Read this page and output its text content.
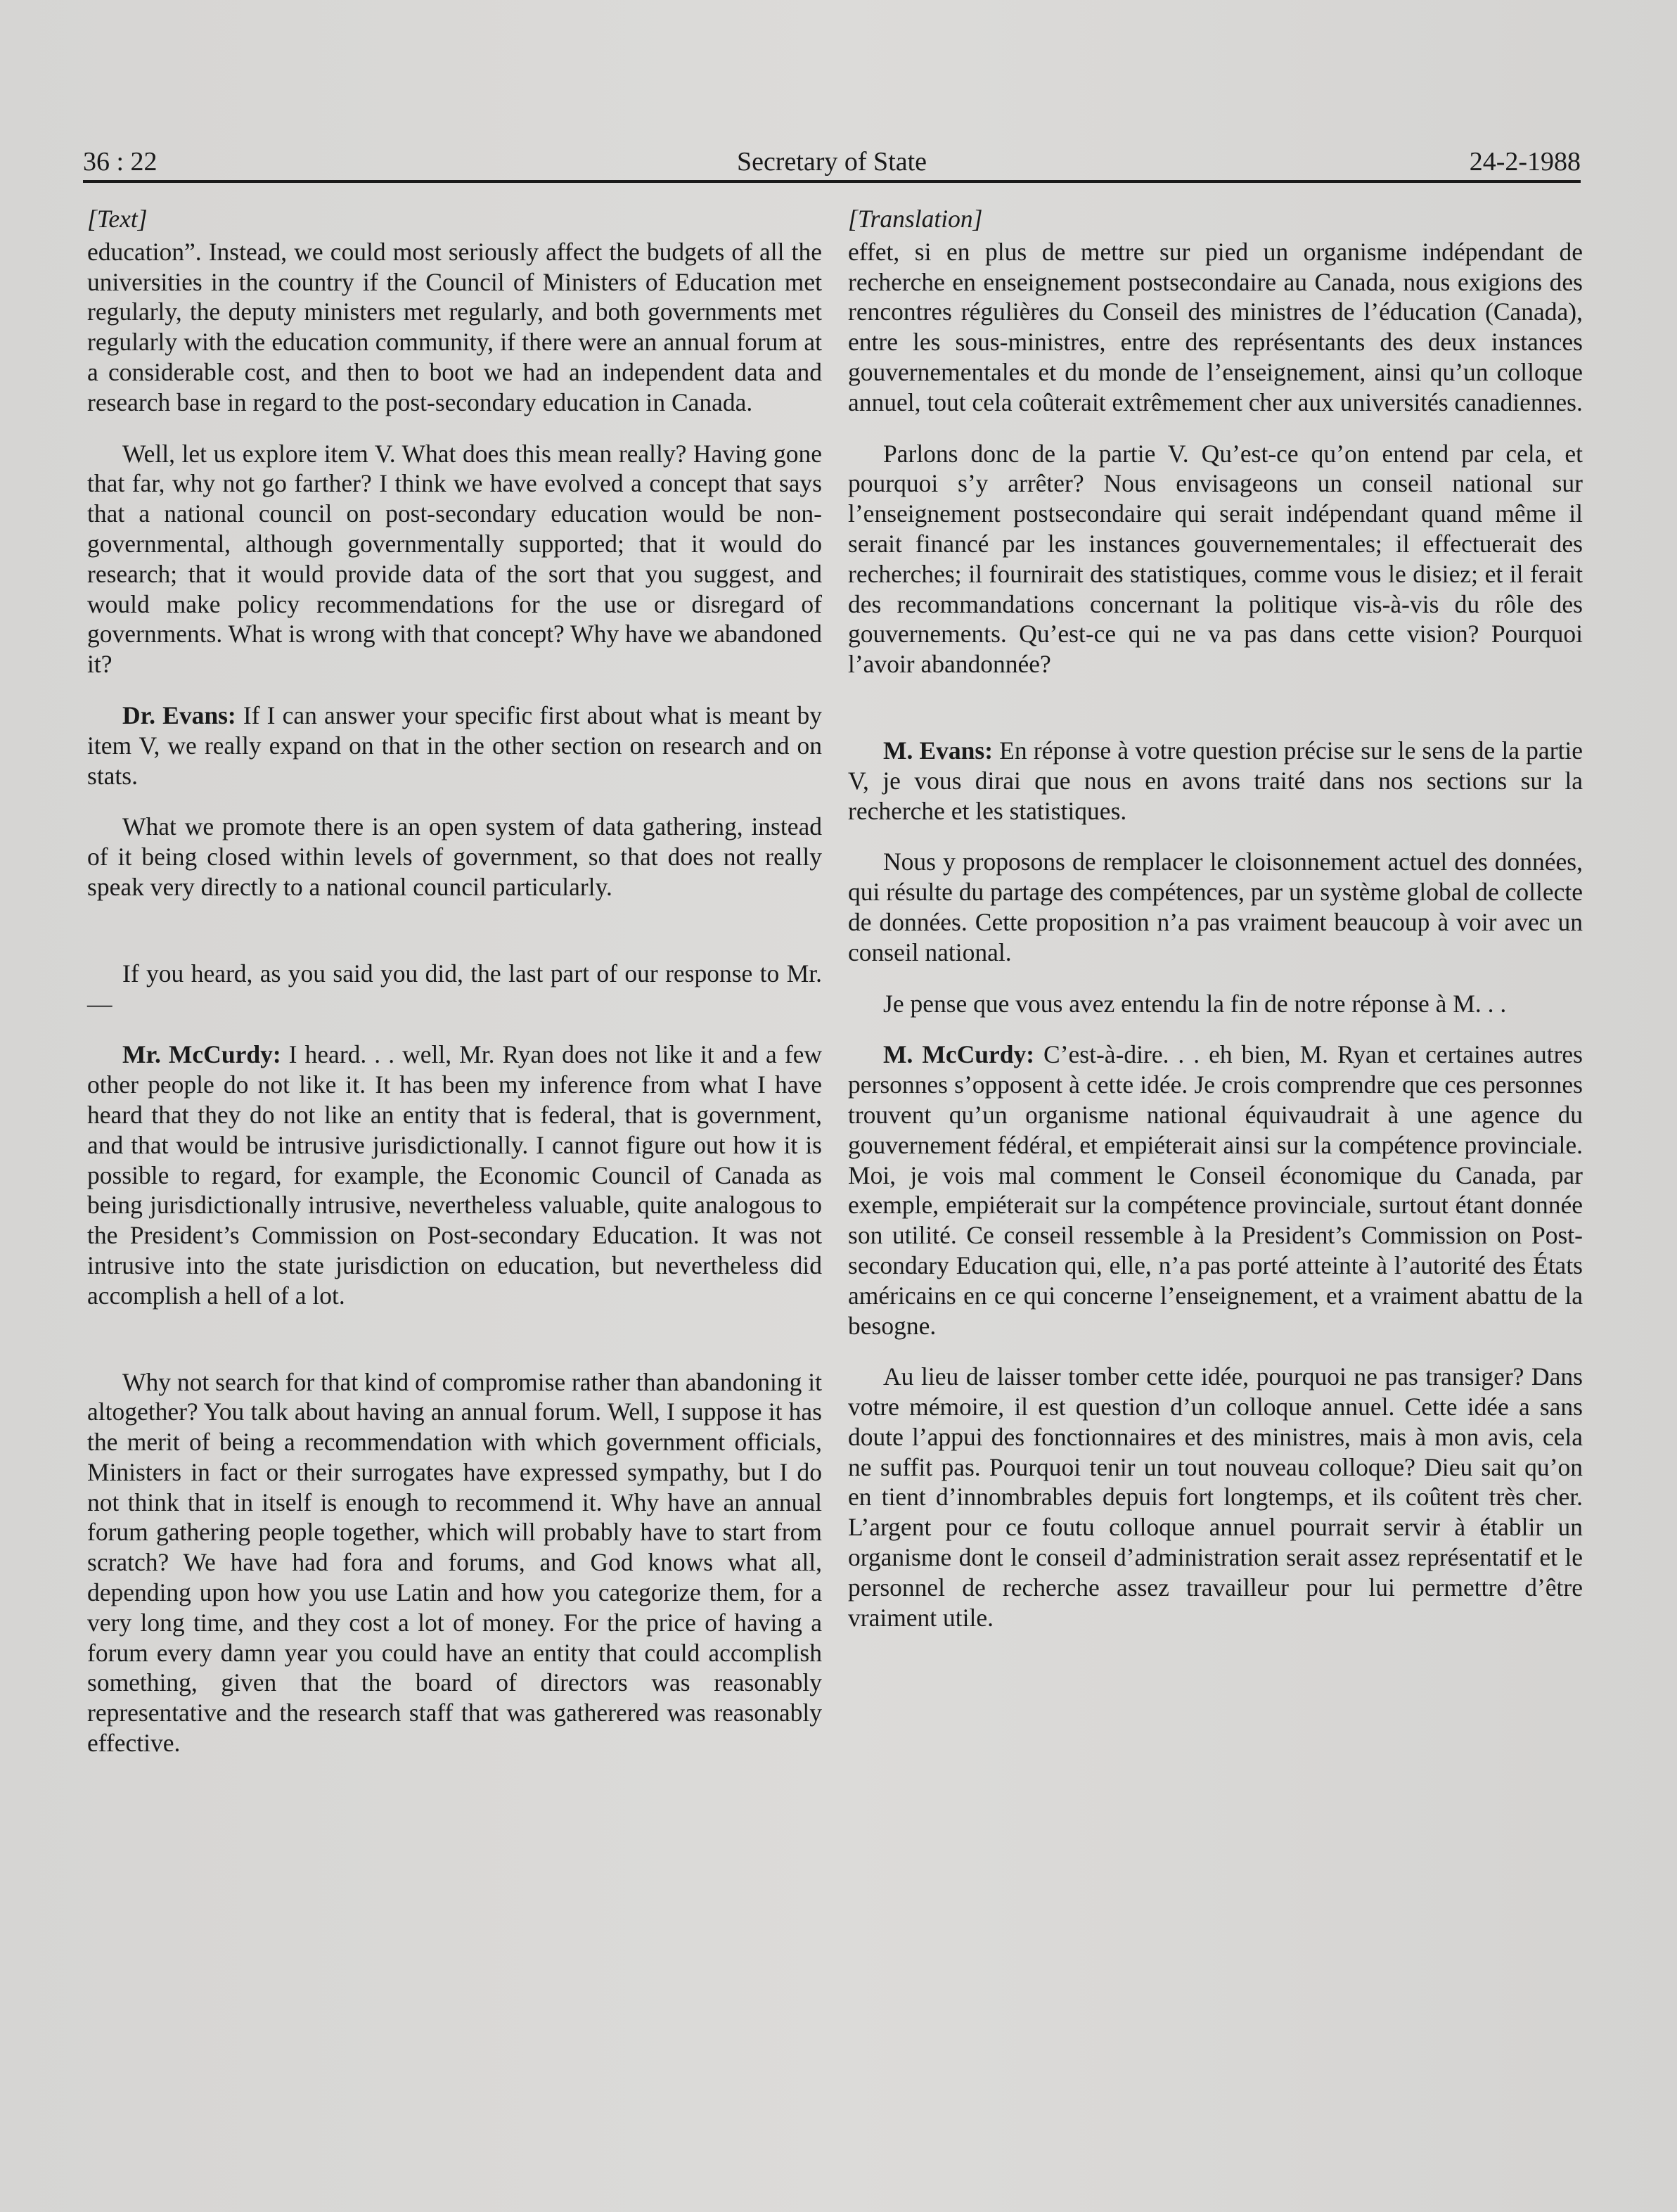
Secretary of State
36 : 22	24-2-1988

[Text]

education”. Instead, we could most seriously affect the budgets of all the universities in the country if the Council of Ministers of Education met regularly, the deputy ministers met regularly, and both governments met regularly with the education community, if there were an annual forum at a considerable cost, and then to boot we had an independent data and research base in regard to the post-secondary education in Canada.

Well, let us explore item V. What does this mean really? Having gone that far, why not go farther? I think we have evolved a concept that says that a national council on post-secondary education would be non-governmental, although governmentally supported; that it would do research; that it would provide data of the sort that you suggest, and would make policy recommendations for the use or disregard of governments. What is wrong with that concept? Why have we abandoned it?

Dr. Evans: If I can answer your specific first about what is meant by item V, we really expand on that in the other section on research and on stats.

What we promote there is an open system of data gathering, instead of it being closed within levels of government, so that does not really speak very directly to a national council particularly.

If you heard, as you said you did, the last part of our response to Mr.—

Mr. McCurdy: I heard. . . well, Mr. Ryan does not like it and a few other people do not like it. It has been my inference from what I have heard that they do not like an entity that is federal, that is government, and that would be intrusive jurisdictionally. I cannot figure out how it is possible to regard, for example, the Economic Council of Canada as being jurisdictionally intrusive, nevertheless valuable, quite analogous to the President’s Commission on Post-secondary Education. It was not intrusive into the state jurisdiction on education, but nevertheless did accomplish a hell of a lot.

Why not search for that kind of compromise rather than abandoning it altogether? You talk about having an annual forum. Well, I suppose it has the merit of being a recommendation with which government officials, Ministers in fact or their surrogates have expressed sympathy, but I do not think that in itself is enough to recommend it. Why have an annual forum gathering people together, which will probably have to start from scratch? We have had fora and forums, and God knows what all, depending upon how you use Latin and how you categorize them, for a very long time, and they cost a lot of money. For the price of having a forum every damn year you could have an entity that could accomplish something, given that the board of directors was reasonably representative and the research staff that was gatherered was reasonably effective.

[Translation]

effet, si en plus de mettre sur pied un organisme indépendant de recherche en enseignement postsecondaire au Canada, nous exigions des rencontres régulières du Conseil des ministres de l’éducation (Canada), entre les sous-ministres, entre des représentants des deux instances gouvernementales et du monde de l’enseignement, ainsi qu’un colloque annuel, tout cela coûterait extrêmement cher aux universités canadiennes.

Parlons donc de la partie V. Qu’est-ce qu’on entend par cela, et pourquoi s’y arrêter? Nous envisageons un conseil national sur l’enseignement postsecondaire qui serait indépendant quand même il serait financé par les instances gouvernementales; il effectuerait des recherches; il fournirait des statistiques, comme vous le disiez; et il ferait des recommandations concernant la politique vis-à-vis du rôle des gouvernements. Qu’est-ce qui ne va pas dans cette vision? Pourquoi l’avoir abandonnée?

M. Evans: En réponse à votre question précise sur le sens de la partie V, je vous dirai que nous en avons traité dans nos sections sur la recherche et les statistiques.

Nous y proposons de remplacer le cloisonnement actuel des données, qui résulte du partage des compétences, par un système global de collecte de données. Cette proposition n’a pas vraiment beaucoup à voir avec un conseil national.

Je pense que vous avez entendu la fin de notre réponse à M. . .

M. McCurdy: C’est-à-dire. . . eh bien, M. Ryan et certaines autres personnes s’opposent à cette idée. Je crois comprendre que ces personnes trouvent qu’un organisme national équivaudrait à une agence du gouvernement fédéral, et empiéterait ainsi sur la compétence provinciale. Moi, je vois mal comment le Conseil économique du Canada, par exemple, empiéterait sur la compétence provinciale, surtout étant donnée son utilité. Ce conseil ressemble à la President’s Commission on Post-secondary Education qui, elle, n’a pas porté atteinte à l’autorité des États américains en ce qui concerne l’enseignement, et a vraiment abattu de la besogne.

Au lieu de laisser tomber cette idée, pourquoi ne pas transiger? Dans votre mémoire, il est question d’un colloque annuel. Cette idée a sans doute l’appui des fonctionnaires et des ministres, mais à mon avis, cela ne suffit pas. Pourquoi tenir un tout nouveau colloque? Dieu sait qu’on en tient d’innombrables depuis fort longtemps, et ils coûtent très cher. L’argent pour ce foutu colloque annuel pourrait servir à établir un organisme dont le conseil d’administration serait assez représentatif et le personnel de recherche assez travailleur pour lui permettre d’être vraiment utile.
